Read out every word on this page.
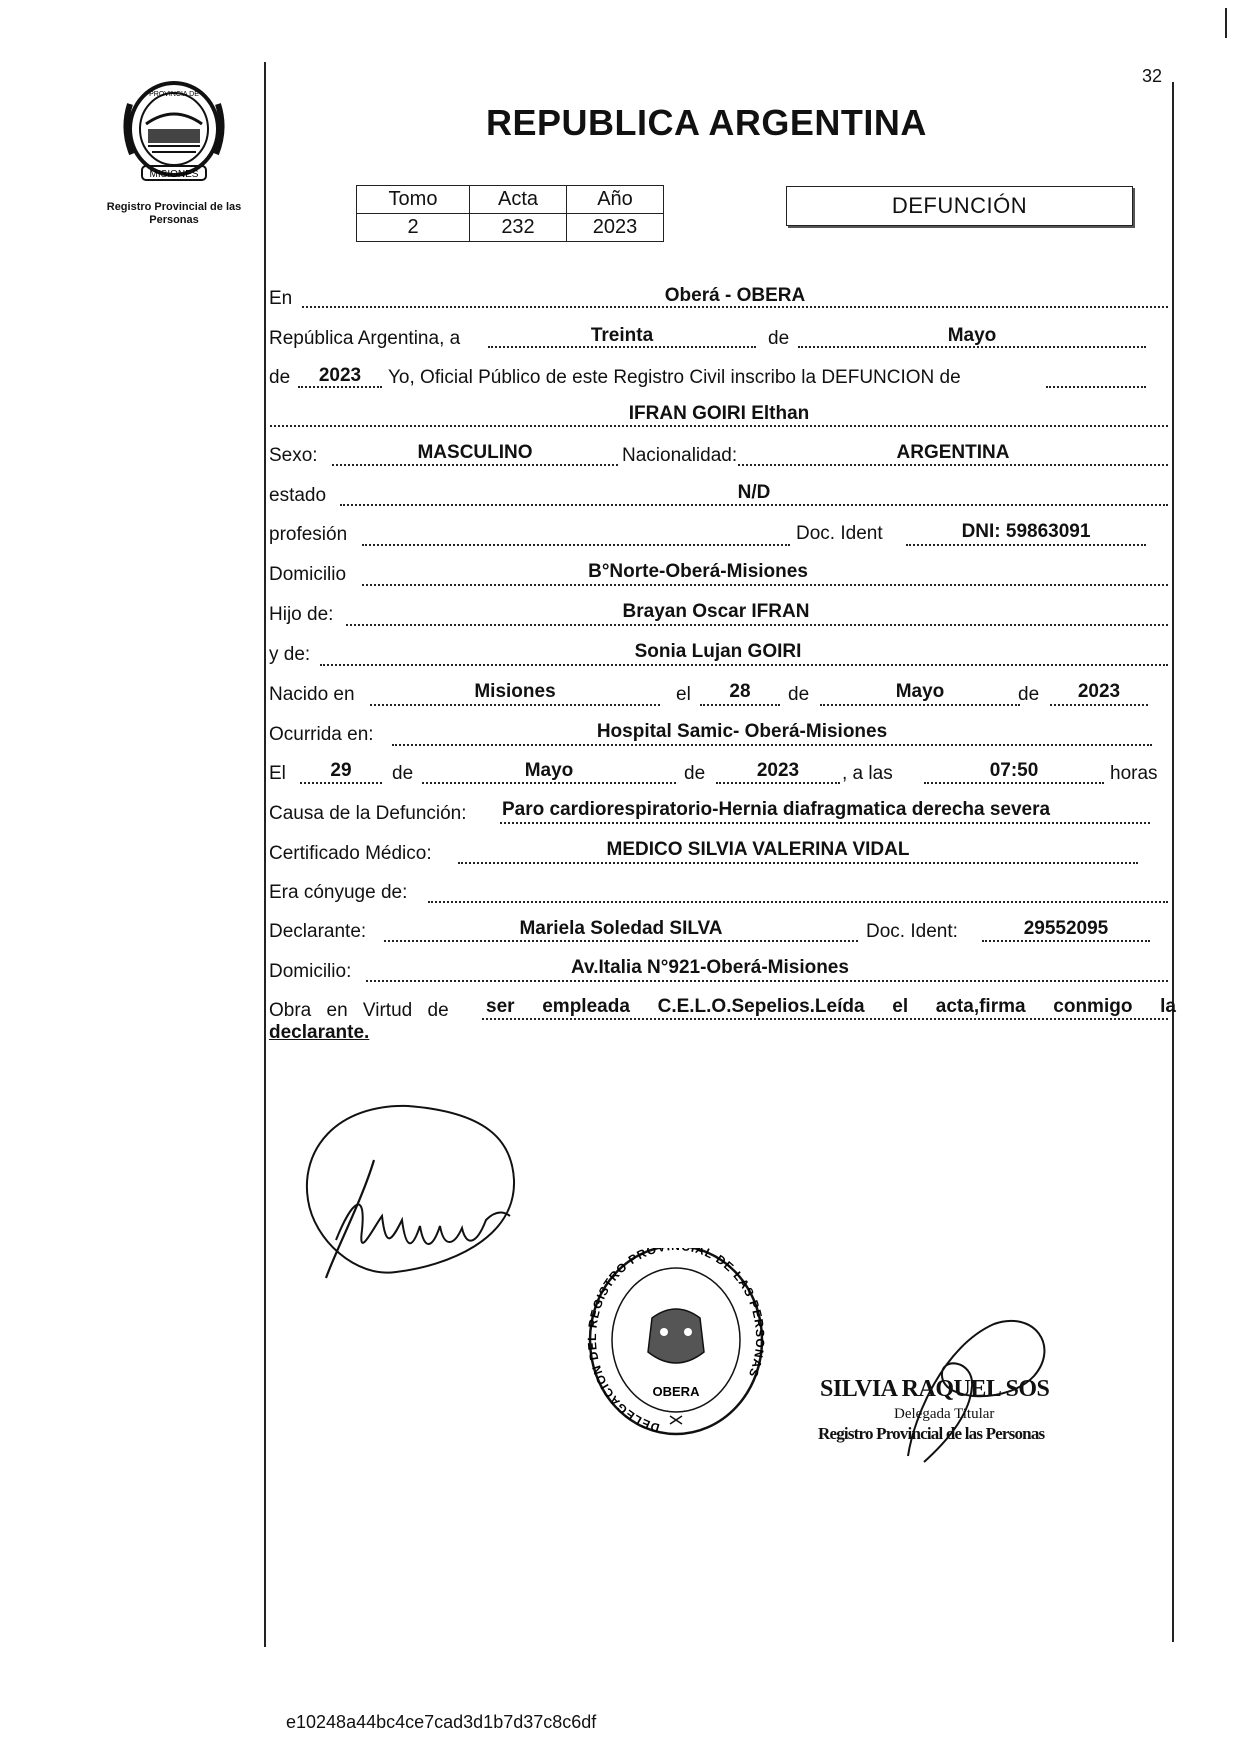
32
MISIONES
PROVINCIA DE
Registro Provincial de las Personas
REPUBLICA ARGENTINA
Tomo	Acta	Año
2	232	2023
DEFUNCIÓN
En	Oberá - OBERA
República Argentina, a	Treinta	de	Mayo
de	2023	Yo, Oficial Público de este Registro Civil inscribo la DEFUNCION de
IFRAN GOIRI Elthan
Sexo:	MASCULINO	Nacionalidad:	ARGENTINA
estado	N/D
profesión	Doc. Ident	DNI: 59863091
Domicilio	B°Norte-Oberá-Misiones
Hijo de:	Brayan Oscar IFRAN
y de:	Sonia Lujan GOIRI
Nacido en	Misiones	el	28	de	Mayo	de	2023
Ocurrida en:	Hospital Samic- Oberá-Misiones
El	29	de	Mayo	de	2023	, a las	07:50	horas
Causa de la Defunción: Paro cardiorespiratorio-Hernia diafragmatica derecha severa
Certificado Médico:	MEDICO SILVIA VALERINA VIDAL
Era cónyuge de:
Declarante:	Mariela Soledad SILVA	Doc. Ident:	29552095
Domicilio:	Av.Italia N°921-Oberá-Misiones
Obra en Virtud de ser empleada C.E.L.O.Sepelios.Leída el acta,firma conmigo la
declarante.
DELEGACION DEL REGISTRO PRO IAL DE LAS PERSONAS
OBERA	SILVIA RAQUEL SOS
Delegada Titular
Registro Provincial de las Personas
e10248a44bc4ce7cad3d1b7d37c8c6df
